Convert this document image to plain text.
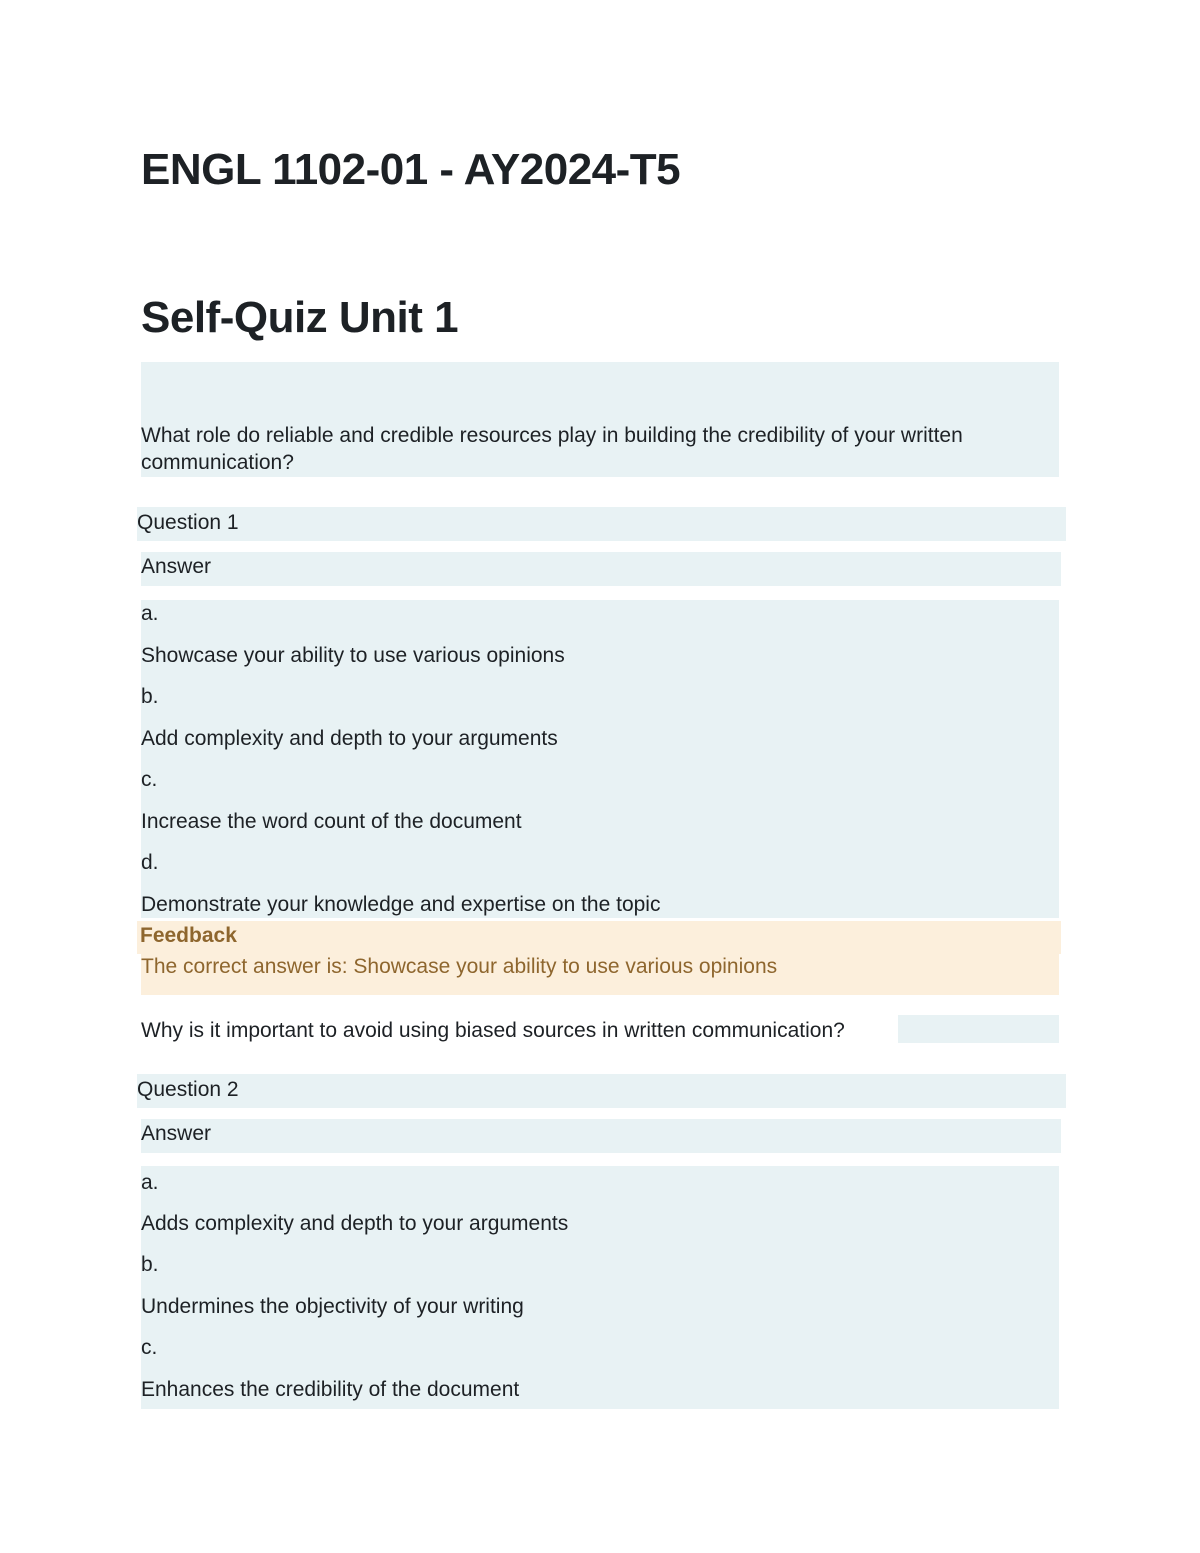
ENGL 1102-01 - AY2024-T5
Self-Quiz Unit 1
What role do reliable and credible resources play in building the credibility of your written
communication?
Question 1
Answer
a.
Showcase your ability to use various opinions
b.
Add complexity and depth to your arguments
c.
Increase the word count of the document
d.
Demonstrate your knowledge and expertise on the topic
Feedback
The correct answer is: Showcase your ability to use various opinions
Why is it important to avoid using biased sources in written communication?
Question 2
Answer
a.
Adds complexity and depth to your arguments
b.
Undermines the objectivity of your writing
c.
Enhances the credibility of the document
